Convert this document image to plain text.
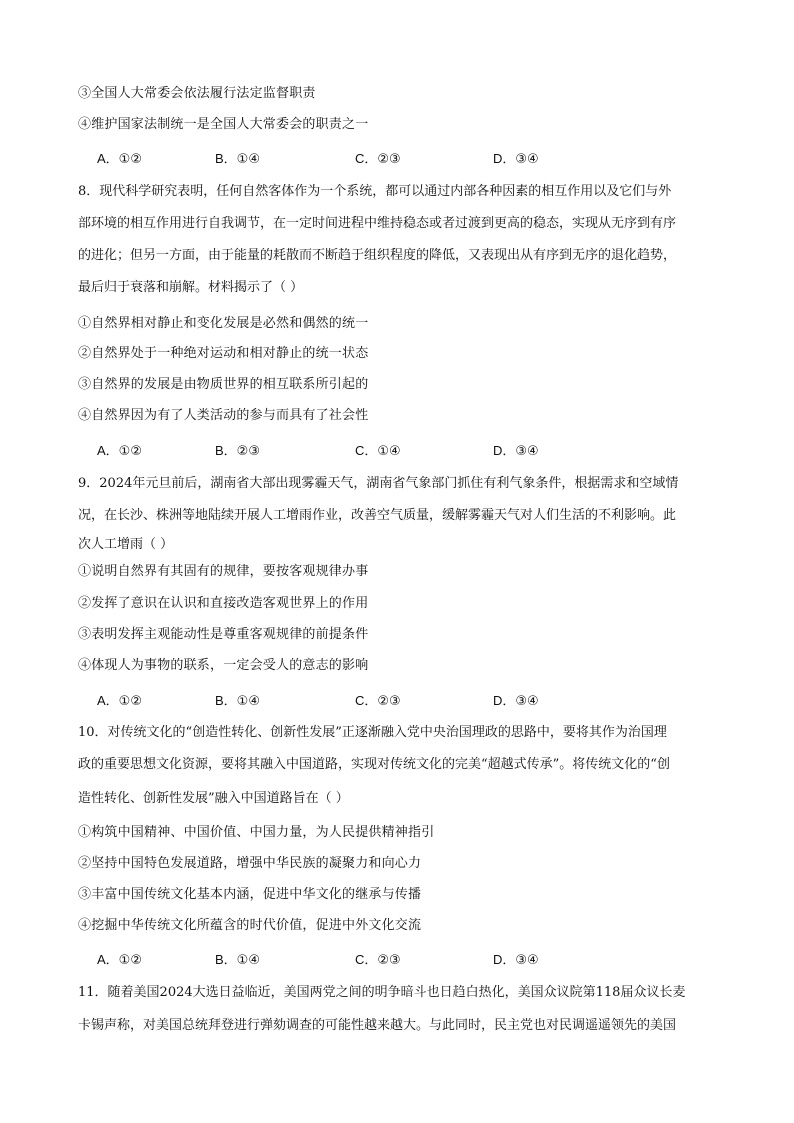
③全国人大常委会依法履行法定监督职责
④维护国家法制统一是全国人大常委会的职责之一
A．①②	B．①④	C．②③	D．③④
8．现代科学研究表明，任何自然客体作为一个系统，都可以通过内部各种因素的相互作用以及它们与外
部环境的相互作用进行自我调节，在一定时间进程中维持稳态或者过渡到更高的稳态，实现从无序到有序
的进化；但另一方面，由于能量的耗散而不断趋于组织程度的降低，又表现出从有序到无序的退化趋势，
最后归于衰落和崩解。材料揭示了（ ）
①自然界相对静止和变化发展是必然和偶然的统一
②自然界处于一种绝对运动和相对静止的统一状态
③自然界的发展是由物质世界的相互联系所引起的
④自然界因为有了人类活动的参与而具有了社会性
A．①②	B．②③	C．①④	D．③④
9．2024年元旦前后，湖南省大部出现雾霾天气，湖南省气象部门抓住有利气象条件，根据需求和空域情
况，在长沙、株洲等地陆续开展人工增雨作业，改善空气质量，缓解雾霾天气对人们生活的不利影响。此
次人工增雨（ ）
①说明自然界有其固有的规律，要按客观规律办事
②发挥了意识在认识和直接改造客观世界上的作用
③表明发挥主观能动性是尊重客观规律的前提条件
④体现人为事物的联系，一定会受人的意志的影响
A．①②	B．①④	C．②③	D．③④
10．对传统文化的“创造性转化、创新性发展”正逐渐融入党中央治国理政的思路中，要将其作为治国理
政的重要思想文化资源，要将其融入中国道路，实现对传统文化的完美“超越式传承”。将传统文化的“创
造性转化、创新性发展”融入中国道路旨在（ ）
①构筑中国精神、中国价值、中国力量，为人民提供精神指引
②坚持中国特色发展道路，增强中华民族的凝聚力和向心力
③丰富中国传统文化基本内涵，促进中华文化的继承与传播
④挖掘中华传统文化所蕴含的时代价值，促进中外文化交流
A．①②	B．①④	C．②③	D．③④
11．随着美国2024大选日益临近，美国两党之间的明争暗斗也日趋白热化，美国众议院第118届众议长麦
卡锡声称，对美国总统拜登进行弹劾调查的可能性越来越大。与此同时，民主党也对民调遥遥领先的美国
